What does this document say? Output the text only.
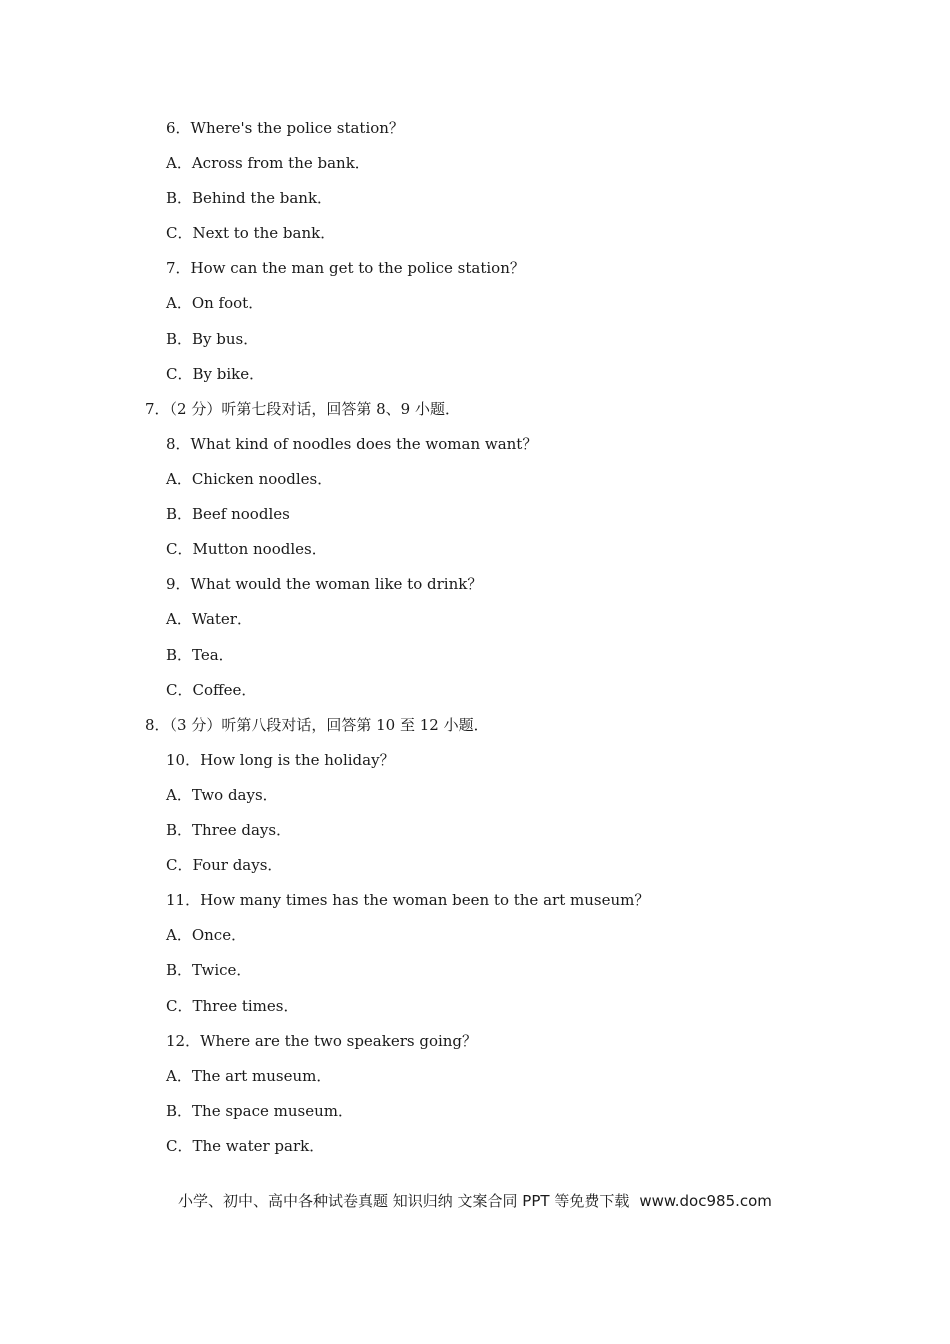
6．Where's the police station？
A．Across from the bank．
B．Behind the bank．
C．Next to the bank．
7．How can the man get to the police station？
A．On foot．
B．By bus．
C．By bike．
7．（2 分）听第七段对话，回答第 8、9 小题．
8．What kind of noodles does the woman want？
A．Chicken noodles．
B．Beef noodles
C．Mutton noodles．
9．What would the woman like to drink？
A．Water．
B．Tea．
C．Coffee．
8．（3 分）听第八段对话，回答第 10 至 12 小题．
10．How long is the holiday？
A．Two days．
B．Three days．
C．Four days．
11．How many times has the woman been to the art museum？
A．Once．
B．Twice．
C．Three times．
12．Where are the two speakers going？
A．The art museum．
B．The space museum．
C．The water park．
小学、初中、高中各种试卷真题 知识归纳 文案合同 PPT 等免费下载 www.doc985.com
